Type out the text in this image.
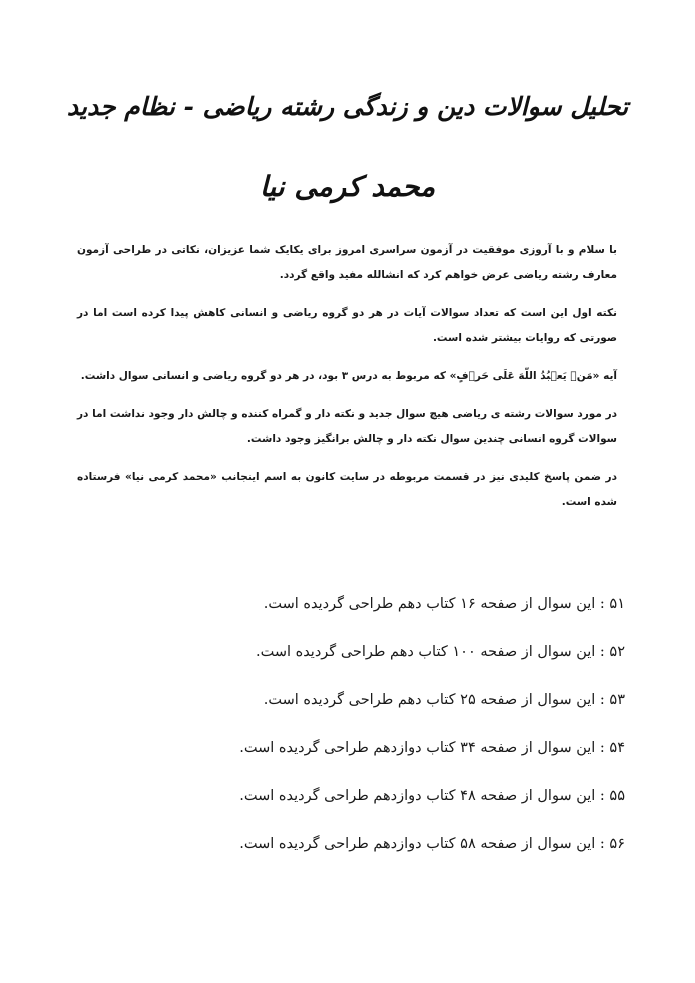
تحلیل سوالات دین و زندگی رشته ریاضی - نظام جدید
محمد کرمی نیا

با سلام و با آروزی موفقیت در آزمون سراسری امروز برای یکایک شما عزیزان، نکاتی در طراحی آزمون معارف رشته ریاضی عرض خواهم کرد که انشالله مفید واقع گردد.

نکته اول این است که تعداد سوالات آیات در هر دو گروه ریاضی و انسانی کاهش پیدا کرده است اما در صورتی که روایات بیشتر شده است.

آیه «مَنۡ یَعۡبُدُ اللّهَ عَلَی حَرۡفٍ» که مربوط به درس ۳ بود، در هر دو گروه ریاضی و انسانی سوال داشت.

در مورد سوالات رشته ی ریاضی هیچ سوال جدید و نکته دار و گمراه کننده و چالش دار وجود نداشت اما در سوالات گروه انسانی چندین سوال نکته دار و چالش برانگیز وجود داشت.

در ضمن پاسخ کلیدی نیز در قسمت مربوطه در سایت کانون به اسم اینجانب «محمد کرمی نیا» فرستاده شده است.

۵۱ : این سوال از صفحه ۱۶ کتاب دهم طراحی گردیده است.
۵۲ : این سوال از صفحه ۱۰۰ کتاب دهم طراحی گردیده است.
۵۳ : این سوال از صفحه ۲۵ کتاب دهم طراحی گردیده است.
۵۴ : این سوال از صفحه ۳۴ کتاب دوازدهم طراحی گردیده است.
۵۵ : این سوال از صفحه ۴۸ کتاب دوازدهم طراحی گردیده است.
۵۶ : این سوال از صفحه ۵۸ کتاب دوازدهم طراحی گردیده است.
